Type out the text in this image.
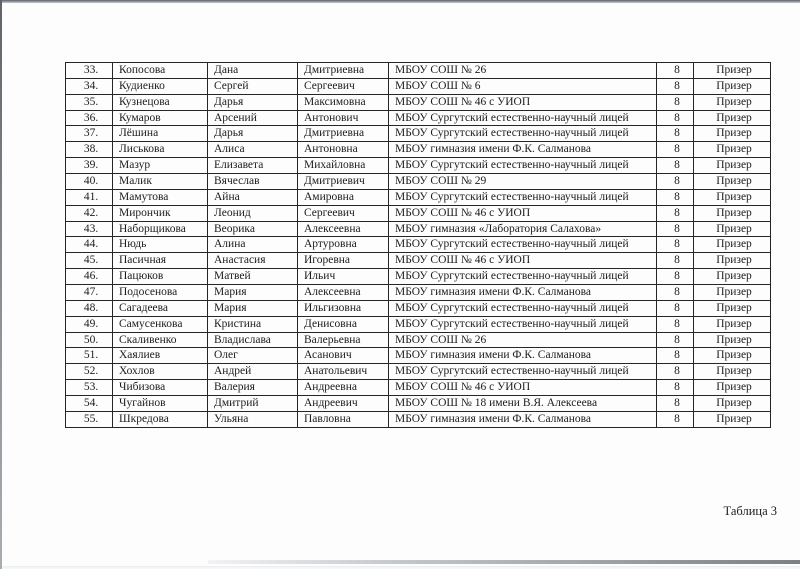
33.	Копосова	Дана	Дмитриевна	МБОУ СОШ № 26	8	Призер
34.	Кудиенко	Сергей	Сергеевич	МБОУ СОШ № 6	8	Призер
35.	Кузнецова	Дарья	Максимовна	МБОУ СОШ № 46 с УИОП	8	Призер
36.	Кумаров	Арсений	Антонович	МБОУ Сургутский естественно-научный лицей	8	Призер
37.	Лёшина	Дарья	Дмитриевна	МБОУ Сургутский естественно-научный лицей	8	Призер
38.	Лиськова	Алиса	Антоновна	МБОУ гимназия имени Ф.К. Салманова	8	Призер
39.	Мазур	Елизавета	Михайловна	МБОУ Сургутский естественно-научный лицей	8	Призер
40.	Малик	Вячеслав	Дмитриевич	МБОУ СОШ № 29	8	Призер
41.	Мамутова	Айна	Амировна	МБОУ Сургутский естественно-научный лицей	8	Призер
42.	Мирончик	Леонид	Сергеевич	МБОУ СОШ № 46 с УИОП	8	Призер
43.	Наборщикова	Веорика	Алексеевна	МБОУ гимназия «Лаборатория Салахова»	8	Призер
44.	Нюдь	Алина	Артуровна	МБОУ Сургутский естественно-научный лицей	8	Призер
45.	Пасичная	Анастасия	Игоревна	МБОУ СОШ № 46 с УИОП	8	Призер
46.	Пацюков	Матвей	Ильич	МБОУ Сургутский естественно-научный лицей	8	Призер
47.	Подосенова	Мария	Алексеевна	МБОУ гимназия имени Ф.К. Салманова	8	Призер
48.	Сагадеева	Мария	Ильгизовна	МБОУ Сургутский естественно-научный лицей	8	Призер
49.	Самусенкова	Кристина	Денисовна	МБОУ Сургутский естественно-научный лицей	8	Призер
50.	Скаливенко	Владислава	Валерьевна	МБОУ СОШ № 26	8	Призер
51.	Хаялиев	Олег	Асанович	МБОУ гимназия имени Ф.К. Салманова	8	Призер
52.	Хохлов	Андрей	Анатольевич	МБОУ Сургутский естественно-научный лицей	8	Призер
53.	Чибизова	Валерия	Андреевна	МБОУ СОШ № 46 с УИОП	8	Призер
54.	Чугайнов	Дмитрий	Андреевич	МБОУ СОШ № 18 имени В.Я. Алексеева	8	Призер
55.	Шкредова	Ульяна	Павловна	МБОУ гимназия имени Ф.К. Салманова	8	Призер
Таблица 3
